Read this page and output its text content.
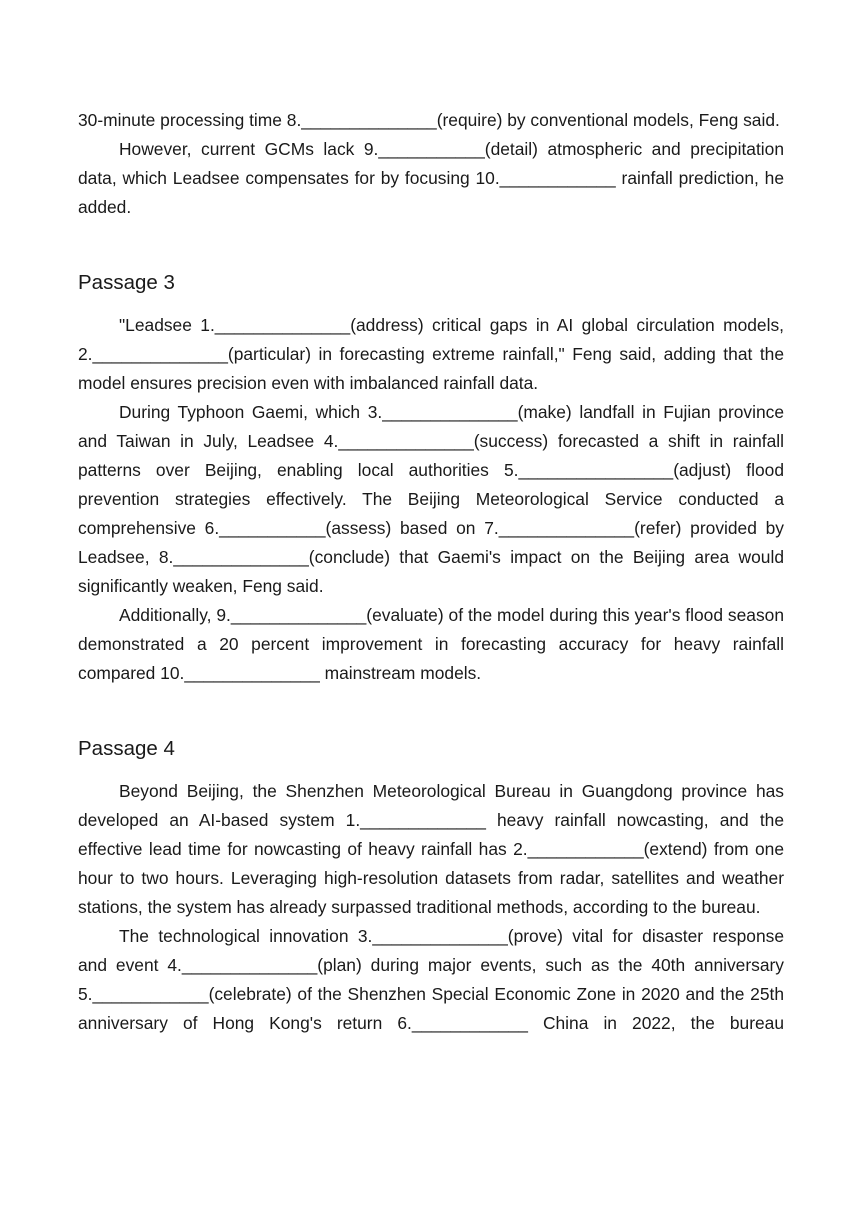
30-minute processing time 8.______________(require) by conventional models, Feng said.

However, current GCMs lack 9.___________(detail) atmospheric and precipitation data, which Leadsee compensates for by focusing 10.____________ rainfall prediction, he added.

Passage 3

"Leadsee 1.______________(address) critical gaps in AI global circulation models, 2.______________(particular) in forecasting extreme rainfall," Feng said, adding that the model ensures precision even with imbalanced rainfall data.

During Typhoon Gaemi, which 3.______________(make) landfall in Fujian province and Taiwan in July, Leadsee 4.______________(success) forecasted a shift in rainfall patterns over Beijing, enabling local authorities 5.________________(adjust) flood prevention strategies effectively. The Beijing Meteorological Service conducted a comprehensive 6.___________(assess) based on 7.______________(refer) provided by Leadsee, 8.______________(conclude) that Gaemi's impact on the Beijing area would significantly weaken, Feng said.

Additionally, 9.______________(evaluate) of the model during this year's flood season demonstrated a 20 percent improvement in forecasting accuracy for heavy rainfall compared 10.______________ mainstream models.

Passage 4

Beyond Beijing, the Shenzhen Meteorological Bureau in Guangdong province has developed an AI-based system 1._____________ heavy rainfall nowcasting, and the effective lead time for nowcasting of heavy rainfall has 2.____________(extend) from one hour to two hours. Leveraging high-resolution datasets from radar, satellites and weather stations, the system has already surpassed traditional methods, according to the bureau.

The technological innovation 3.______________(prove) vital for disaster response and event 4.______________(plan) during major events, such as the 40th anniversary 5.____________(celebrate) of the Shenzhen Special Economic Zone in 2020 and the 25th anniversary of Hong Kong's return 6.____________ China in 2022, the bureau
